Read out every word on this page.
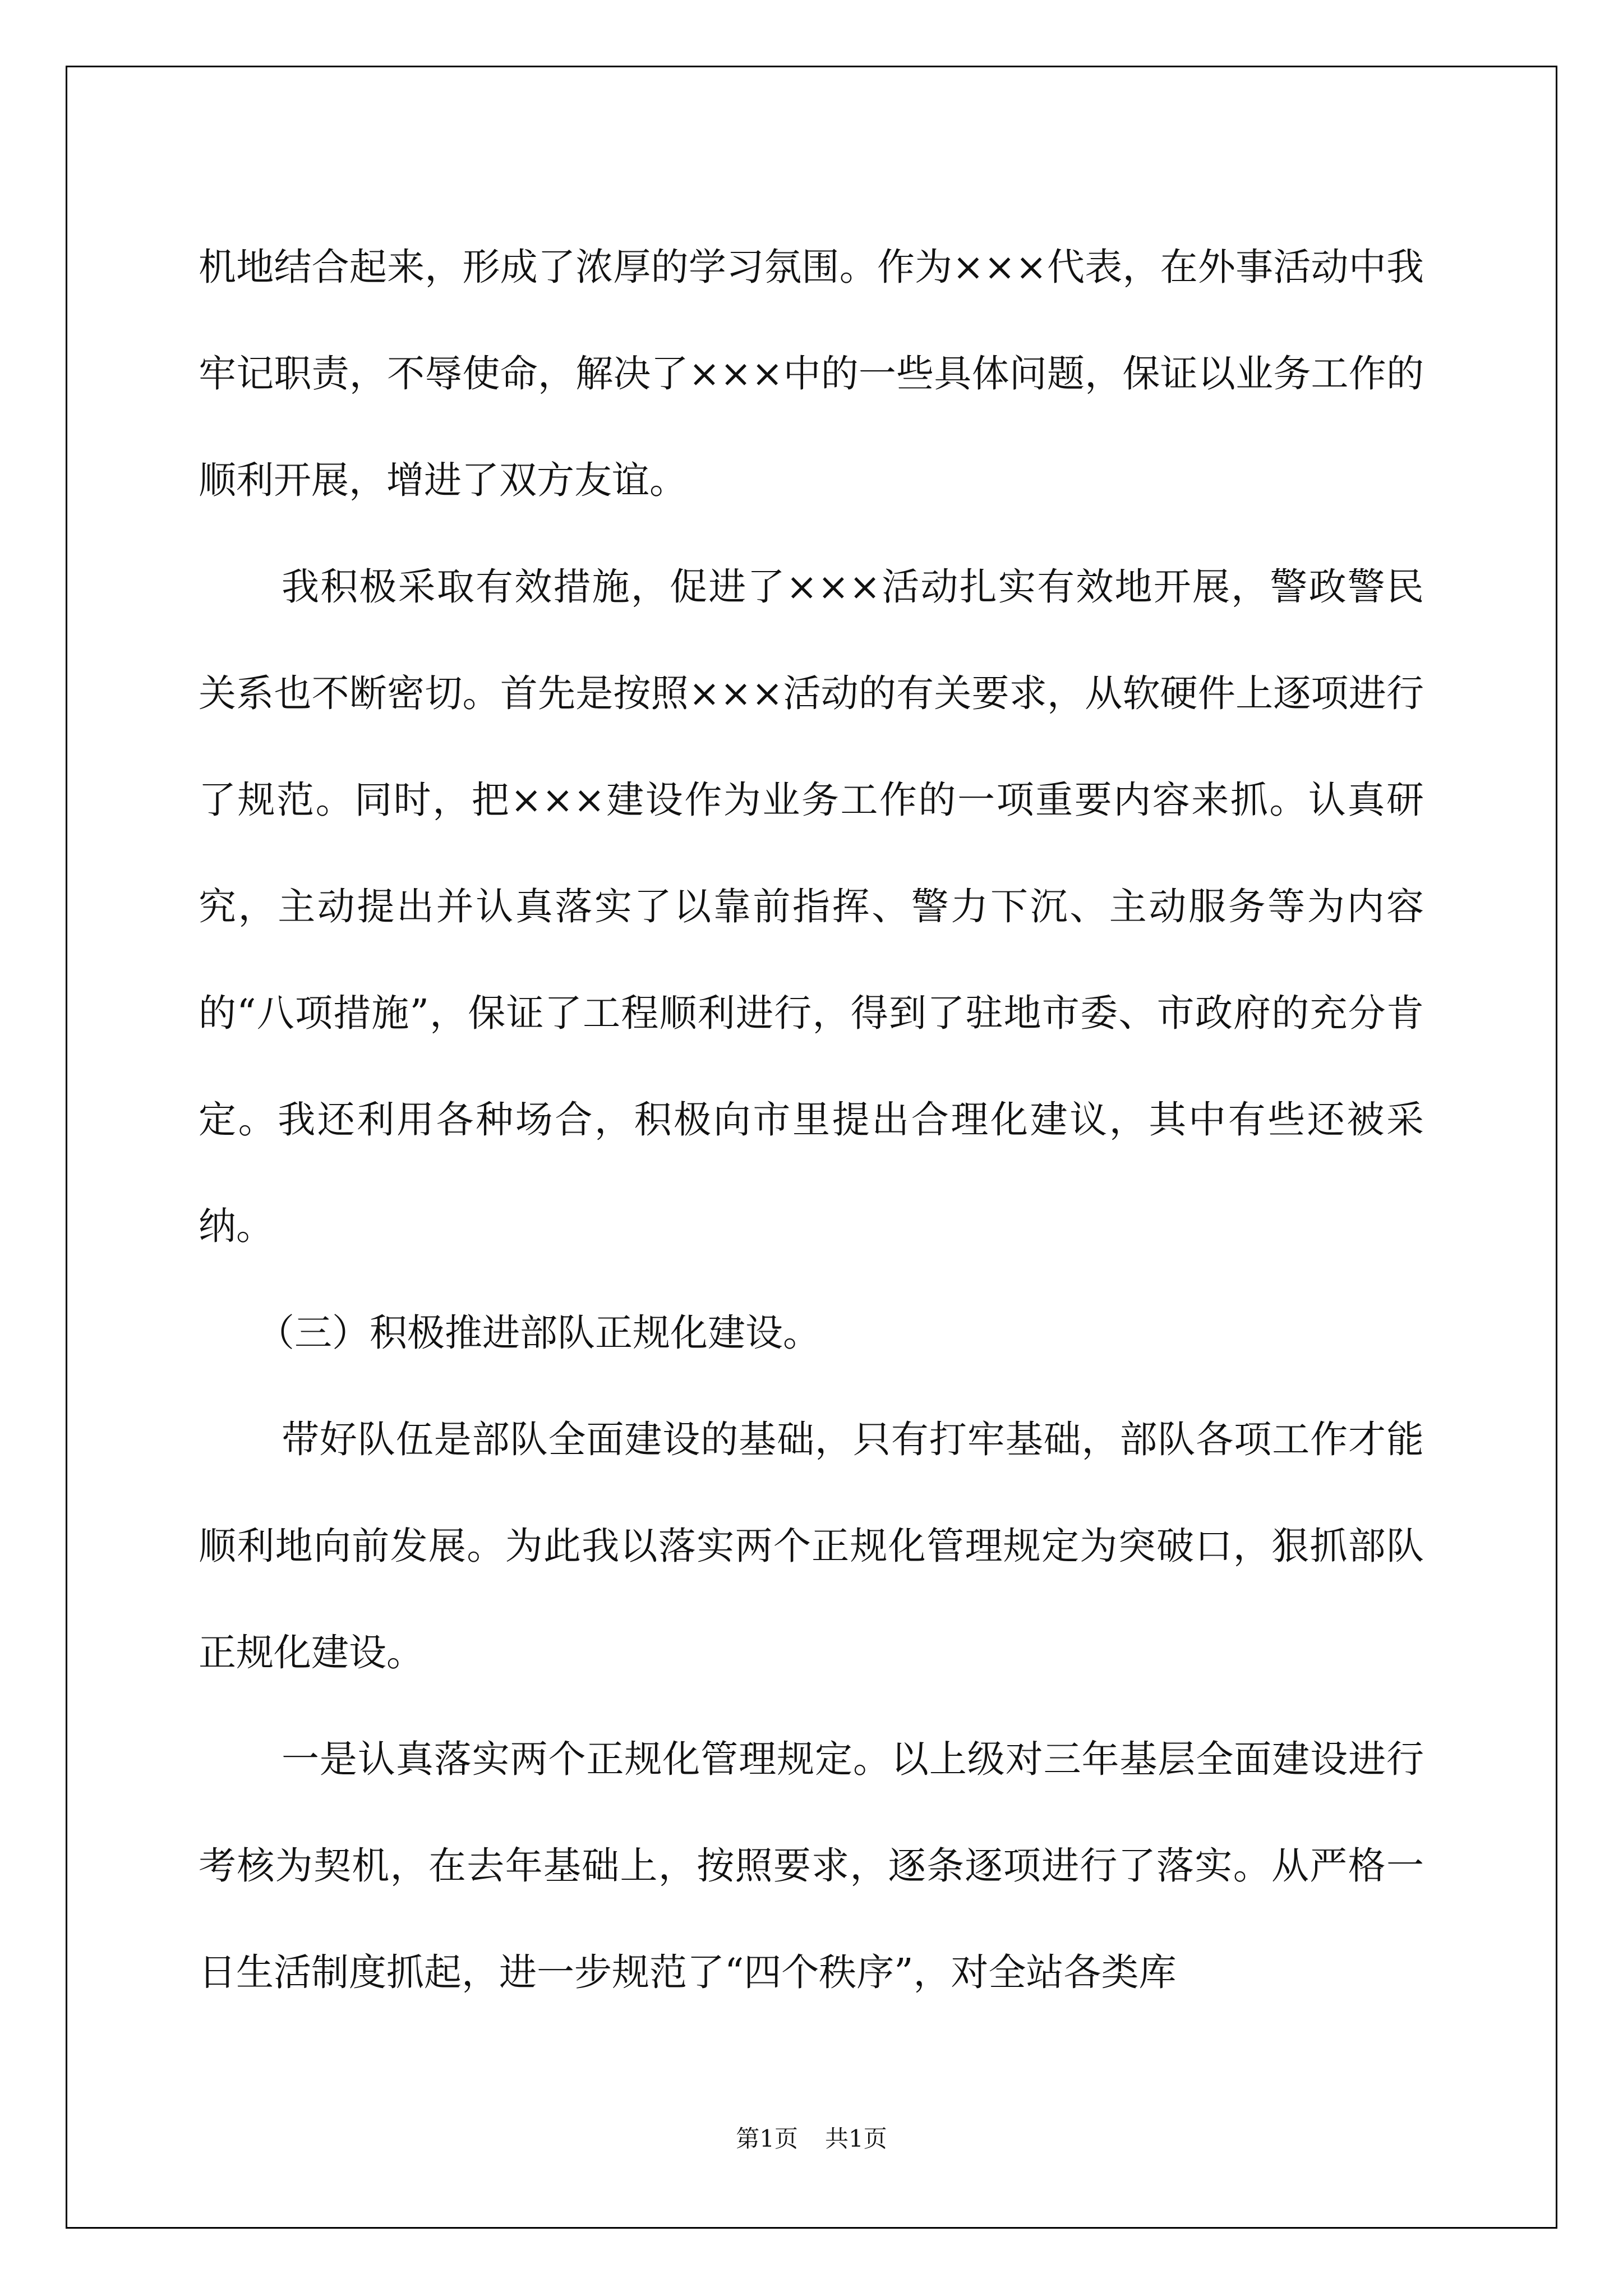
机地结合起来，形成了浓厚的学习氛围。作为×××代表，在外事活动中我牢记职责，不辱使命，解决了×××中的一些具体问题，保证以业务工作的顺利开展，增进了双方友谊。

我积极采取有效措施，促进了×××活动扎实有效地开展，警政警民关系也不断密切。首先是按照×××活动的有关要求，从软硬件上逐项进行了规范。同时，把×××建设作为业务工作的一项重要内容来抓。认真研究，主动提出并认真落实了以靠前指挥、警力下沉、主动服务等为内容的“八项措施”，保证了工程顺利进行，得到了驻地市委、市政府的充分肯定。我还利用各种场合，积极向市里提出合理化建议，其中有些还被采纳。

（三）积极推进部队正规化建设。

带好队伍是部队全面建设的基础，只有打牢基础，部队各项工作才能顺利地向前发展。为此我以落实两个正规化管理规定为突破口，狠抓部队正规化建设。

一是认真落实两个正规化管理规定。以上级对三年基层全面建设进行考核为契机，在去年基础上，按照要求，逐条逐项进行了落实。从严格一日生活制度抓起，进一步规范了“四个秩序”，对全站各类库

第1页 共1页
